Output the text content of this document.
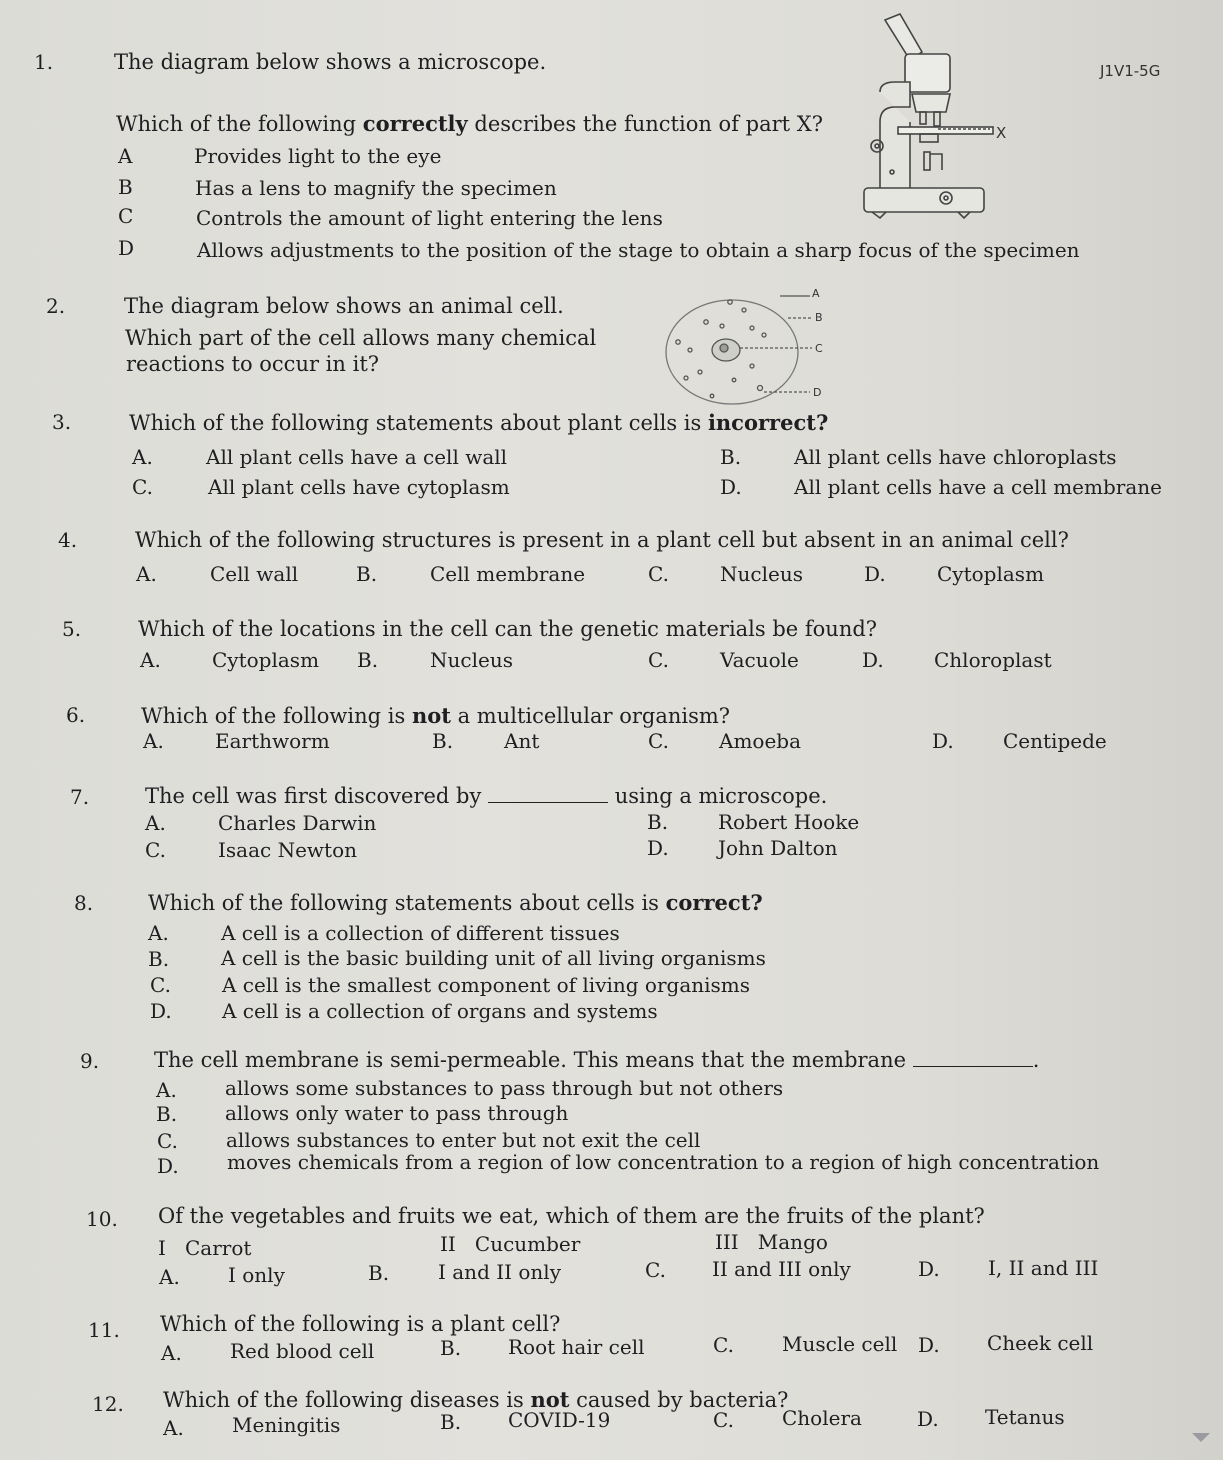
J1V1-5G
1.	The diagram below shows a microscope.
Which of the following correctly describes the function of part X?
A	Provides light to the eye
B	Has a lens to magnify the specimen
C	Controls the amount of light entering the lens
D	Allows adjustments to the position of the stage to obtain a sharp focus of the specimen
X
2.	The diagram below shows an animal cell.
Which part of the cell allows many chemical
reactions to occur in it?
A
B
C
D
3.	Which of the following statements about plant cells is incorrect?
A.	All plant cells have a cell wall	B.	All plant cells have chloroplasts
C.	All plant cells have cytoplasm	D.	All plant cells have a cell membrane
4.	Which of the following structures is present in a plant cell but absent in an animal cell?
A.	Cell wall	B.	Cell membrane	C.	Nucleus	D.	Cytoplasm
5.	Which of the locations in the cell can the genetic materials be found?
A.	Cytoplasm B.	Nucleus	C.	Vacuole	D.	Chloroplast
6.	Which of the following is not a multicellular organism?
A.	Earthworm	B.	Ant	C.	Amoeba	D. Centipede
7.	The cell was first discovered by	using a microscope.
A.	Charles Darwin	B. Robert Hooke
C.	Isaac Newton	D. John Dalton
8.	Which of the following statements about cells is correct?
A.	A cell is a collection of different tissues
B.	A cell is the basic building unit of all living organisms
C.	A cell is the smallest component of living organisms
D.	A cell is a collection of organs and systems
9.	The cell membrane is semi-permeable. This means that the membrane	.
A. allows some substances to pass through but not others
B. allows only water to pass through
C. allows substances to enter but not exit the cell
D. moves chemicals from a region of low concentration to a region of high concentration
10. Of the vegetables and fruits we eat, which of them are the fruits of the plant?
I Carrot	II Cucumber	III Mango
A. I only	B. I and II only	C. II and III only	D. I, II and III
11. Which of the following is a plant cell?
A. Red blood cell	B. Root hair cell	C. Muscle cell D. Cheek cell
12. Which of the following diseases is not caused by bacteria?
A. Meningitis	B. COVID-19	C. Cholera	D. Tetanus
